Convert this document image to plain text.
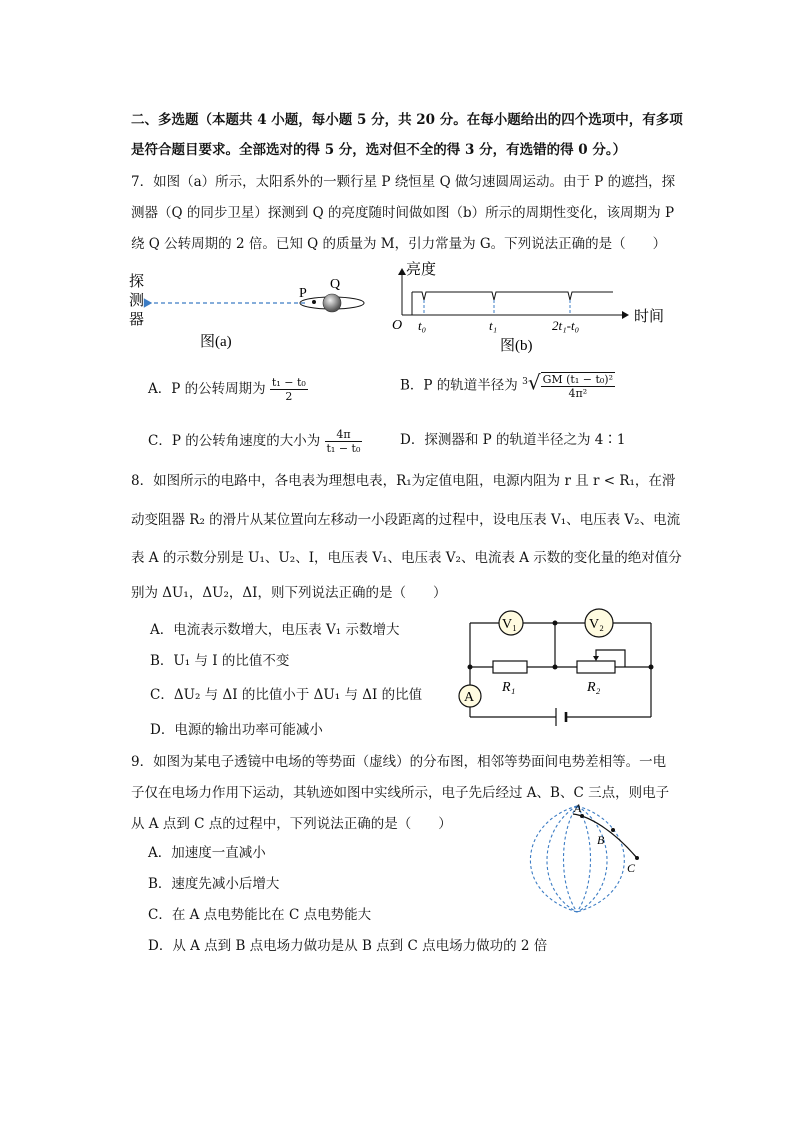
二、多选题（本题共 4 小题，每小题 5 分，共 20 分。在每小题给出的四个选项中，有多项
是符合题目要求。全部选对的得 5 分，选对但不全的得 3 分，有选错的得 0 分。）
7．如图（a）所示，太阳系外的一颗行星 P 绕恒星 Q 做匀速圆周运动。由于 P 的遮挡，探
测器（Q 的同步卫星）探测到 Q 的亮度随时间做如图（b）所示的周期性变化，该周期为 P
绕 Q 公转周期的 2 倍。已知 Q 的质量为 M，引力常量为 G。下列说法正确的是（　　）
探
测
器
P
Q
图(a)
亮度
时间
O t₀	t₁	2t₁-t₀
图(b)
A．P 的公转周期为 $\frac{\text{t₁ − t₀}}{2}$	B．P 的轨道半径为 $^3√ \frac{\text{GM (t₁ − t₀)²}}{\text{4π²}}$
C．P 的公转角速度的大小为 $\frac{4\pi}{\text{t₁ − t₀}}$	D．探测器和 P 的轨道半径之为 4∶1
8．如图所示的电路中，各电表为理想电表，R₁为定值电阻，电源内阻为 r 且 r < R₁，在滑
动变阻器 R₂ 的滑片从某位置向左移动一小段距离的过程中，设电压表 V₁、电压表 V₂、电流
表 A 的示数分别是 U₁、U₂、I，电压表 V₁、电压表 V₂、电流表 A 示数的变化量的绝对值分
别为 ΔU₁，ΔU₂，ΔI，则下列说法正确的是（　　）
A．电流表示数增大，电压表 V₁ 示数增大
B．U₁ 与 I 的比值不变
C．ΔU₂ 与 ΔI 的比值小于 ΔU₁ 与 ΔI 的比值
D．电源的输出功率可能减小
V₁	V₂
A
R₁	R₂
9．如图为某电子透镜中电场的等势面（虚线）的分布图，相邻等势面间电势差相等。一电
子仅在电场力作用下运动，其轨迹如图中实线所示，电子先后经过 A、B、C 三点，则电子
从 A 点到 C 点的过程中，下列说法正确的是（　　）
A．加速度一直减小
B．速度先减小后增大
C．在 A 点电势能比在 C 点电势能大
D．从 A 点到 B 点电场力做功是从 B 点到 C 点电场力做功的 2 倍
A
B
C
